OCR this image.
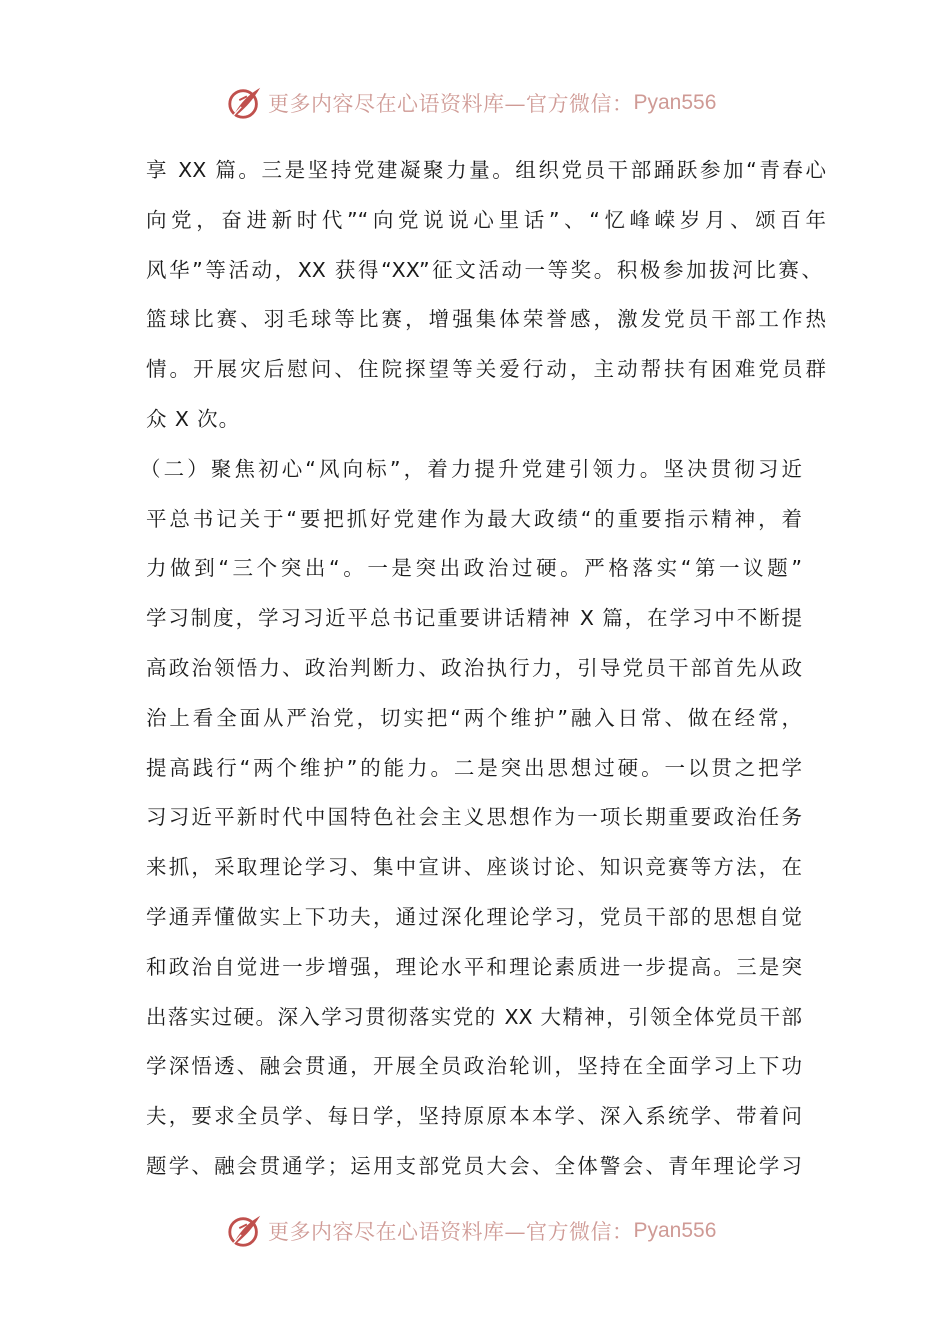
更多内容尽在心语资料库—官方微信： Pyan556
享 XX 篇。三是坚持党建凝聚力量。组织党员干部踊跃参加“青春心
向党，奋进新时代”“向党说说心里话”、“忆峰嵘岁月、颂百年
风华”等活动，XX 获得“XX”征文活动一等奖。积极参加拔河比赛、
篮球比赛、羽毛球等比赛，增强集体荣誉感，激发党员干部工作热
情。开展灾后慰问、住院探望等关爱行动，主动帮扶有困难党员群
众 X 次。
（二）聚焦初心“风向标”，着力提升党建引领力。坚决贯彻习近
平总书记关于“要把抓好党建作为最大政绩“的重要指示精神，着
力做到“三个突出“。一是突出政治过硬。严格落实“第一议题”
学习制度，学习习近平总书记重要讲话精神 X 篇，在学习中不断提
高政治领悟力、政治判断力、政治执行力，引导党员干部首先从政
治上看全面从严治党，切实把“两个维护”融入日常、做在经常，
提高践行“两个维护”的能力。二是突出思想过硬。一以贯之把学
习习近平新时代中国特色社会主义思想作为一项长期重要政治任务
来抓，采取理论学习、集中宣讲、座谈讨论、知识竞赛等方法，在
学通弄懂做实上下功夫，通过深化理论学习，党员干部的思想自觉
和政治自觉进一步增强，理论水平和理论素质进一步提高。三是突
出落实过硬。深入学习贯彻落实党的 XX 大精神，引领全体党员干部
学深悟透、融会贯通，开展全员政治轮训，坚持在全面学习上下功
夫，要求全员学、每日学，坚持原原本本学、深入系统学、带着问
题学、融会贯通学；运用支部党员大会、全体警会、青年理论学习
更多内容尽在心语资料库—官方微信： Pyan556
